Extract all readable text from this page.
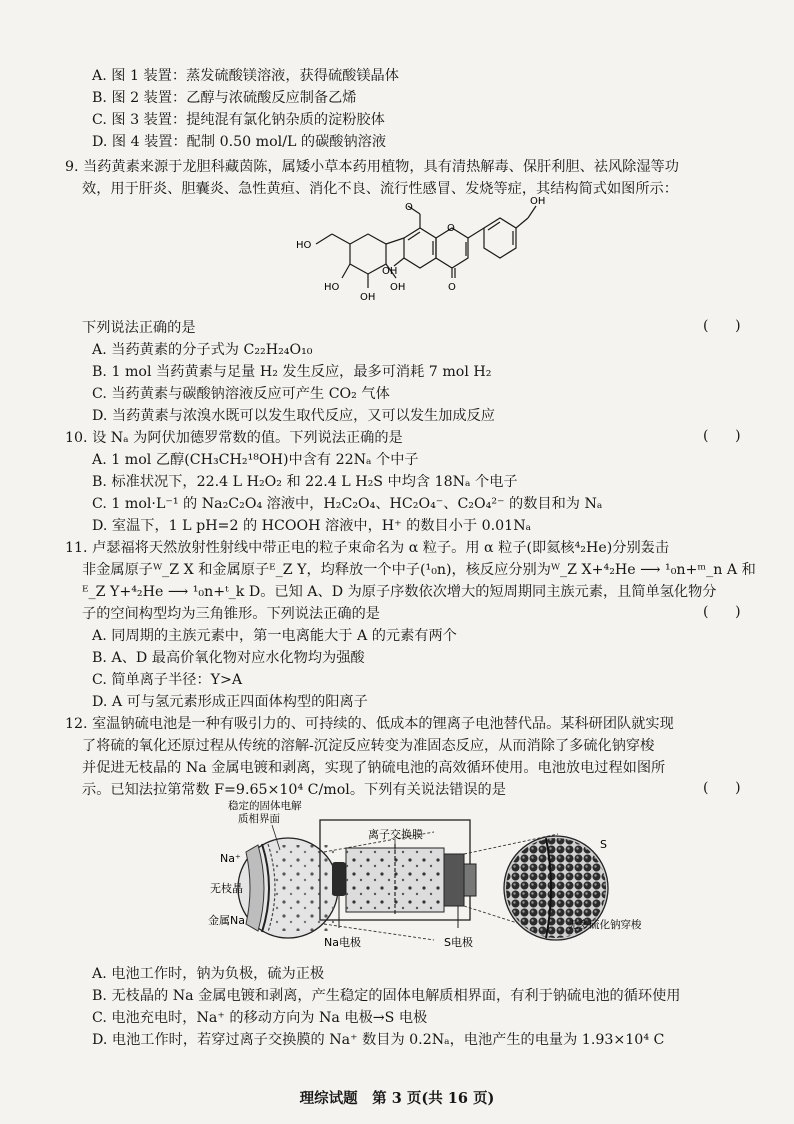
A. 图 1 装置：蒸发硫酸镁溶液，获得硫酸镁晶体
B. 图 2 装置：乙醇与浓硫酸反应制备乙烯
C. 图 3 装置：提纯混有氯化钠杂质的淀粉胶体
D. 图 4 装置：配制 0.50 mol/L 的碳酸钠溶液
9. 当药黄素来源于龙胆科藏茵陈，属矮小草本药用植物，具有清热解毒、保肝利胆、祛风除湿等功
效，用于肝炎、胆囊炎、急性黄疸、消化不良、流行性感冒、发烧等症，其结构简式如图所示：
O
OH
O
HO
HO
OH
OH
OH
O
下列说法正确的是	(      )
A. 当药黄素的分子式为 C₂₂H₂₄O₁₀
B. 1 mol 当药黄素与足量 H₂ 发生反应，最多可消耗 7 mol H₂
C. 当药黄素与碳酸钠溶液反应可产生 CO₂ 气体
D. 当药黄素与浓溴水既可以发生取代反应，又可以发生加成反应
10. 设 Nₐ 为阿伏加德罗常数的值。下列说法正确的是	(      )
A. 1 mol 乙醇(CH₃CH₂¹⁸OH)中含有 22Nₐ 个中子
B. 标准状况下，22.4 L H₂O₂ 和 22.4 L H₂S 中均含 18Nₐ 个电子
C. 1 mol·L⁻¹ 的 Na₂C₂O₄ 溶液中，H₂C₂O₄、HC₂O₄⁻、C₂O₄²⁻ 的数目和为 Nₐ
D. 室温下，1 L pH=2 的 HCOOH 溶液中，H⁺ 的数目小于 0.01Nₐ
11. 卢瑟福将天然放射性射线中带正电的粒子束命名为 α 粒子。用 α 粒子(即氦核⁴₂He)分别轰击
非金属原子ᵂ_Z X 和金属原子ᴱ_Z Y，均释放一个中子(¹₀n)，核反应分别为ᵂ_Z X+⁴₂He ⟶ ¹₀n+ᵐ_n A 和
ᴱ_Z Y+⁴₂He ⟶ ¹₀n+ᵗ_k D。已知 A、D 为原子序数依次增大的短周期同主族元素，且简单氢化物分
子的空间构型均为三角锥形。下列说法正确的是	(      )
A. 同周期的主族元素中，第一电离能大于 A 的元素有两个
B. A、D 最高价氧化物对应水化物均为强酸
C. 简单离子半径：Y>A
D. A 可与氢元素形成正四面体构型的阳离子
12. 室温钠硫电池是一种有吸引力的、可持续的、低成本的锂离子电池替代品。某科研团队就实现
了将硫的氧化还原过程从传统的溶解-沉淀反应转变为准固态反应，从而消除了多硫化钠穿梭
并促进无枝晶的 Na 金属电镀和剥离，实现了钠硫电池的高效循环使用。电池放电过程如图所
示。已知法拉第常数 F=9.65×10⁴ C/mol。下列有关说法错误的是	(      )
稳定的固体电解
质相界面
Na⁺
无枝晶
金属Na
离子交换膜
Na电极	S电极
S
无多硫化钠穿梭
A. 电池工作时，钠为负极，硫为正极
B. 无枝晶的 Na 金属电镀和剥离，产生稳定的固体电解质相界面，有利于钠硫电池的循环使用
C. 电池充电时，Na⁺ 的移动方向为 Na 电极→S 电极
D. 电池工作时，若穿过离子交换膜的 Na⁺ 数目为 0.2Nₐ，电池产生的电量为 1.93×10⁴ C
理综试题　第 3 页(共 16 页)
